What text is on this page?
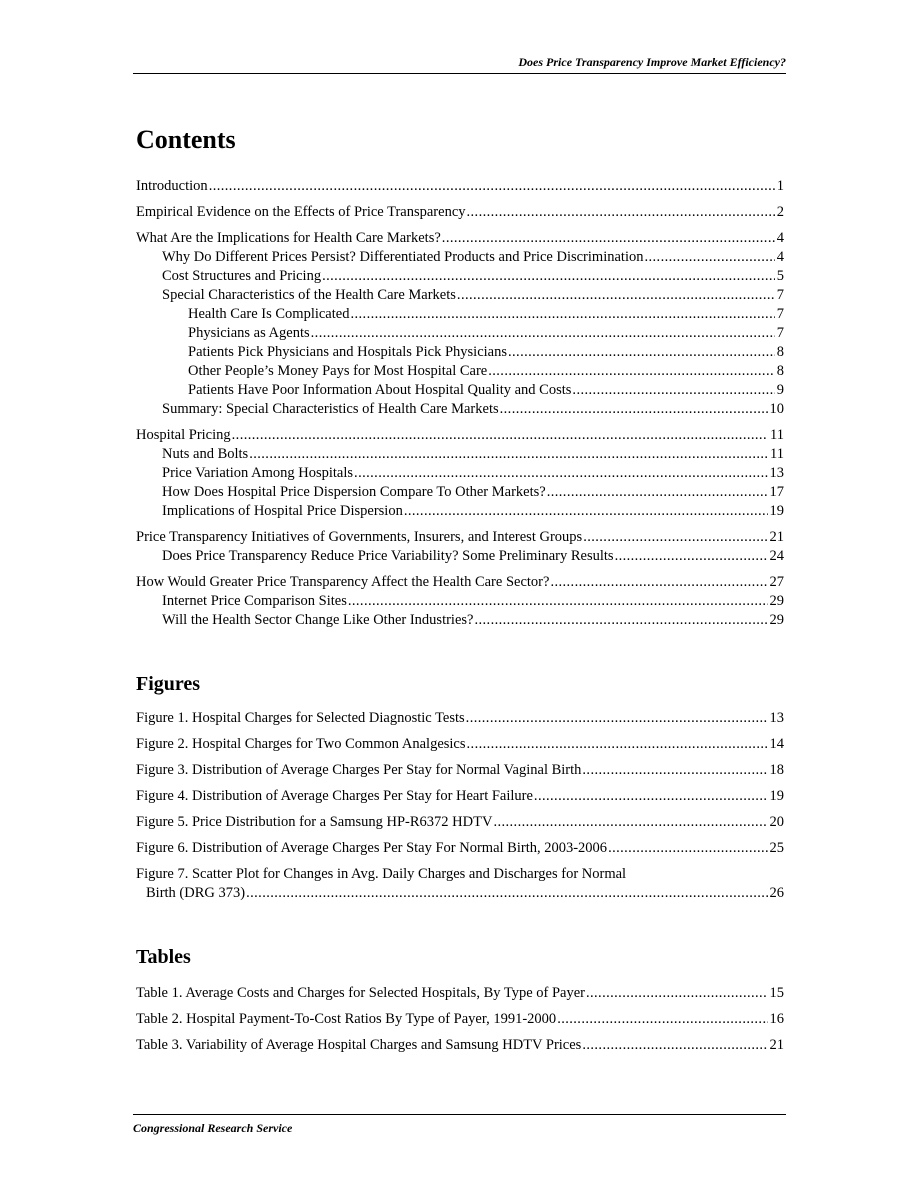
Does Price Transparency Improve Market Efficiency?
Contents
Introduction .....	1
Empirical Evidence on the Effects of Price Transparency .....	2
What Are the Implications for Health Care Markets? .....	4
Why Do Different Prices Persist? Differentiated Products and Price Discrimination .....	4
Cost Structures and Pricing .....	5
Special Characteristics of the Health Care Markets .....	7
Health Care Is Complicated .....	7
Physicians as Agents .....	7
Patients Pick Physicians and Hospitals Pick Physicians .....	8
Other People’s Money Pays for Most Hospital Care .....	8
Patients Have Poor Information About Hospital Quality and Costs .....	9
Summary: Special Characteristics of Health Care Markets .....	10
Hospital Pricing .....	11
Nuts and Bolts .....	11
Price Variation Among Hospitals .....	13
How Does Hospital Price Dispersion Compare To Other Markets? .....	17
Implications of Hospital Price Dispersion .....	19
Price Transparency Initiatives of Governments, Insurers, and Interest Groups .....	21
Does Price Transparency Reduce Price Variability? Some Preliminary Results .....	24
How Would Greater Price Transparency Affect the Health Care Sector? .....	27
Internet Price Comparison Sites .....	29
Will the Health Sector Change Like Other Industries? .....	29
Figures
Figure 1. Hospital Charges for Selected Diagnostic Tests .....	13
Figure 2. Hospital Charges for Two Common Analgesics .....	14
Figure 3. Distribution of Average Charges Per Stay for Normal Vaginal Birth .....	18
Figure 4. Distribution of Average Charges Per Stay for Heart Failure .....	19
Figure 5. Price Distribution for a Samsung HP-R6372 HDTV .....	20
Figure 6. Distribution of Average Charges Per Stay For Normal Birth, 2003-2006 .....	25
Figure 7. Scatter Plot for Changes in Avg. Daily Charges and Discharges for Normal
Birth (DRG 373) .....	26
Tables
Table 1. Average Costs and Charges for Selected Hospitals, By Type of Payer .....	15
Table 2. Hospital Payment-To-Cost Ratios By Type of Payer, 1991-2000 .....	16
Table 3. Variability of Average Hospital Charges and Samsung HDTV Prices .....	21
Congressional Research Service
